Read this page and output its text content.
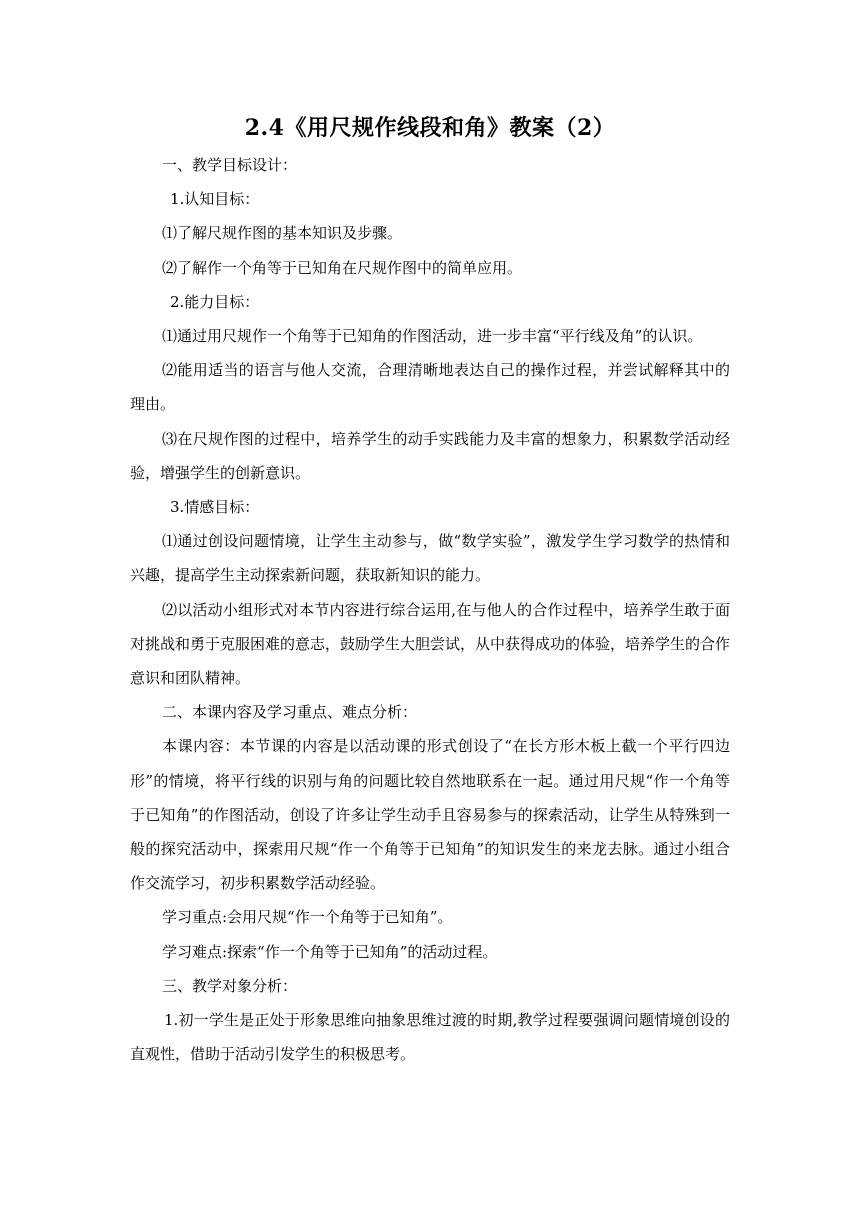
2.4《用尺规作线段和角》教案（2）

一、教学目标设计：

1.认知目标：

⑴了解尺规作图的基本知识及步骤。

⑵了解作一个角等于已知角在尺规作图中的简单应用。

2.能力目标：

⑴通过用尺规作一个角等于已知角的作图活动，进一步丰富“平行线及角”的认识。

⑵能用适当的语言与他人交流，合理清晰地表达自己的操作过程，并尝试解释其中的理由。

⑶在尺规作图的过程中，培养学生的动手实践能力及丰富的想象力，积累数学活动经验，增强学生的创新意识。

3.情感目标：

⑴通过创设问题情境，让学生主动参与，做“数学实验”，激发学生学习数学的热情和兴趣，提高学生主动探索新问题，获取新知识的能力。

⑵以活动小组形式对本节内容进行综合运用,在与他人的合作过程中，培养学生敢于面对挑战和勇于克服困难的意志，鼓励学生大胆尝试，从中获得成功的体验，培养学生的合作意识和团队精神。

二、本课内容及学习重点、难点分析：

本课内容：本节课的内容是以活动课的形式创设了“在长方形木板上截一个平行四边形”的情境，将平行线的识别与角的问题比较自然地联系在一起。通过用尺规“作一个角等于已知角”的作图活动，创设了许多让学生动手且容易参与的探索活动，让学生从特殊到一般的探究活动中，探索用尺规“作一个角等于已知角”的知识发生的来龙去脉。通过小组合作交流学习，初步积累数学活动经验。

学习重点:会用尺规“作一个角等于已知角”。

学习难点:探索“作一个角等于已知角”的活动过程。

三、教学对象分析：

1.初一学生是正处于形象思维向抽象思维过渡的时期,教学过程要强调问题情境创设的直观性，借助于活动引发学生的积极思考。
